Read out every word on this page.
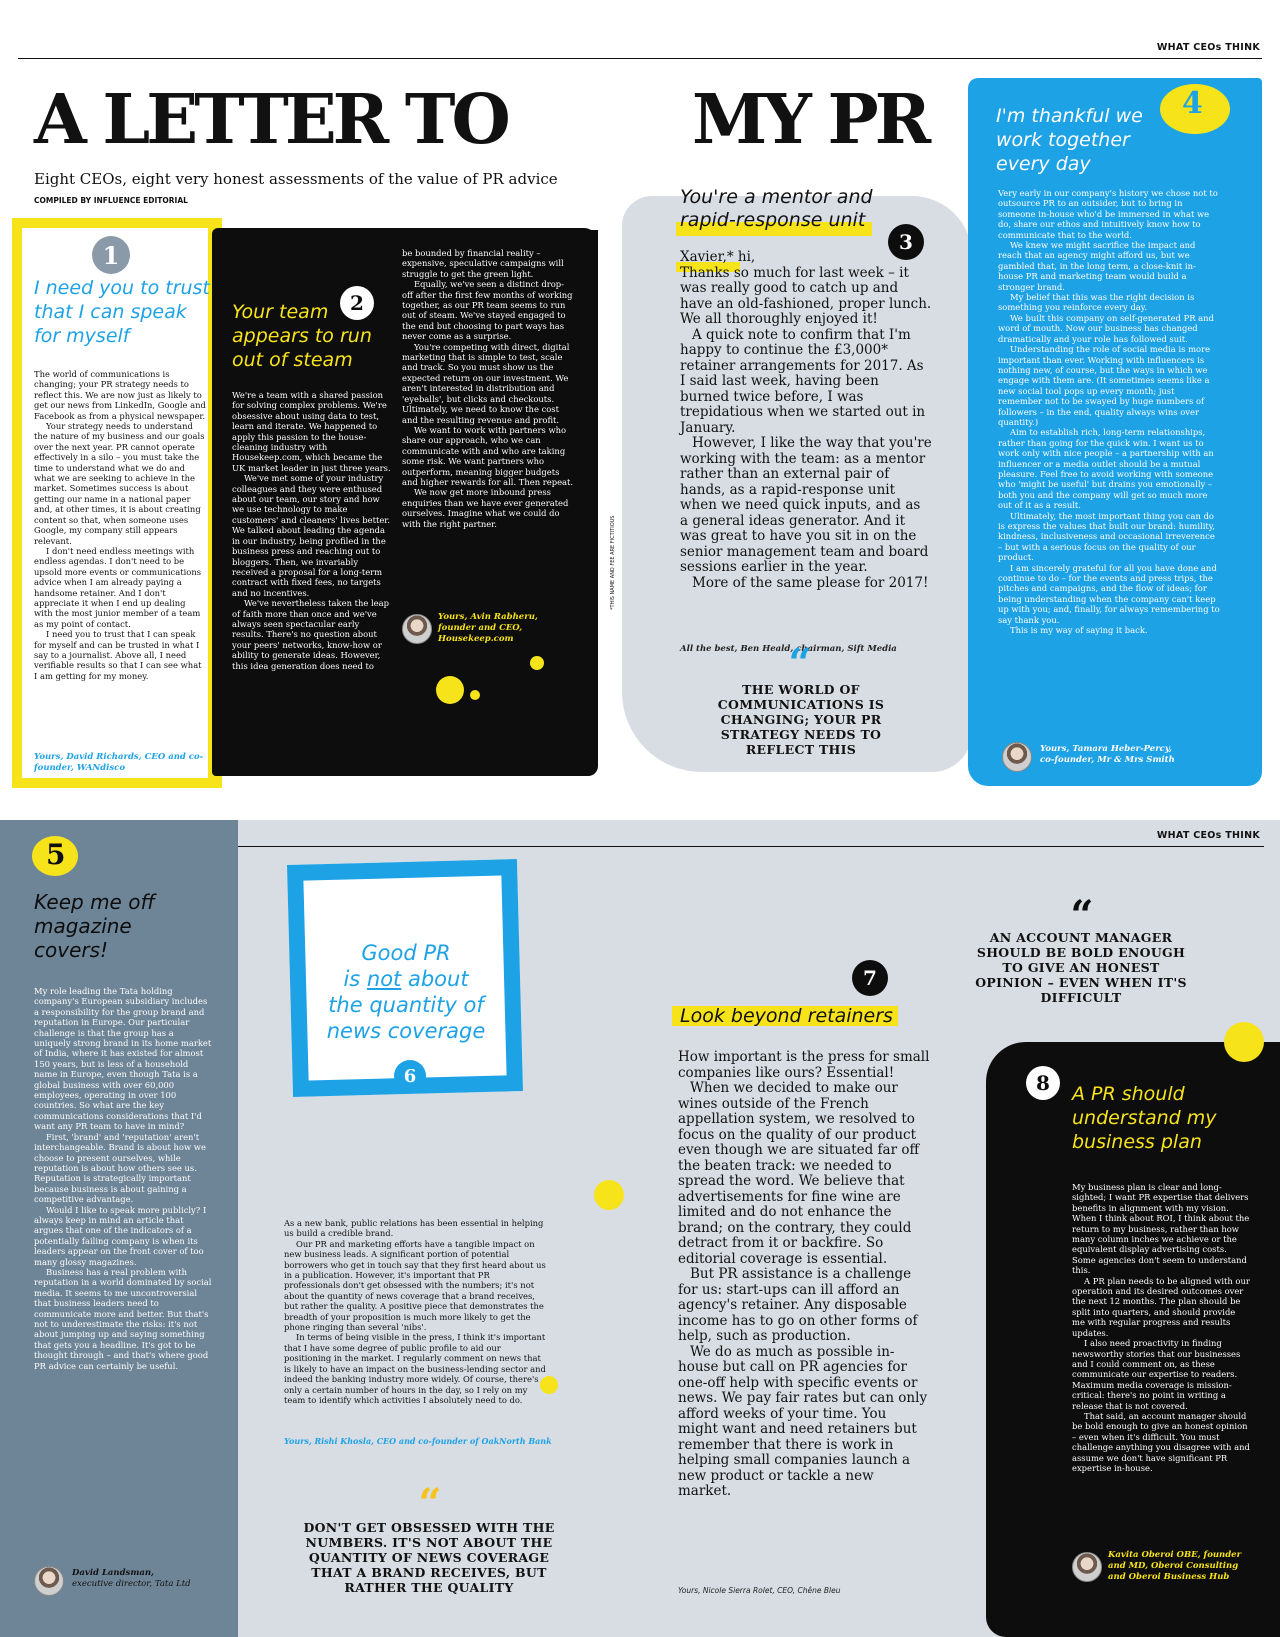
WHAT CEOs THINK
A LETTER TO	MY PR
Eight CEOs, eight very honest assessments of the value of PR advice
COMPILED BY INFLUENCE EDITORIAL
1
I need you to trust that I can speak for myself

The world of communications is changing; your PR strategy needs to reflect this. We are now just as likely to get our news from LinkedIn, Google and Facebook as from a physical newspaper.

Your strategy needs to understand the nature of my business and our goals over the next year. PR cannot operate effectively in a silo – you must take the time to understand what we do and what we are seeking to achieve in the market. Sometimes success is about getting our name in a national paper and, at other times, it is about creating content so that, when someone uses Google, my company still appears relevant.

I don't need endless meetings with endless agendas. I don't need to be upsold more events or communications advice when I am already paying a handsome retainer. And I don't appreciate it when I end up dealing with the most junior member of a team as my point of contact.

I need you to trust that I can speak for myself and can be trusted in what I say to a journalist. Above all, I need verifiable results so that I can see what I am getting for my money.

Yours, David Richards, CEO and co-founder, WANdisco
Your team appears to run out of steam
2

We're a team with a shared passion for solving complex problems. We're obsessive about using data to test, learn and iterate. We happened to apply this passion to the house-cleaning industry with Housekeep.com, which became the UK market leader in just three years.

We've met some of your industry colleagues and they were enthused about our team, our story and how we use technology to make customers' and cleaners' lives better. We talked about leading the agenda in our industry, being profiled in the business press and reaching out to bloggers. Then, we invariably received a proposal for a long-term contract with fixed fees, no targets and no incentives.

We've nevertheless taken the leap of faith more than once and we've always seen spectacular early results. There's no question about your peers' networks, know-how or ability to generate ideas. However, this idea generation does need to

be bounded by financial reality – expensive, speculative campaigns will struggle to get the green light.

Equally, we've seen a distinct drop-off after the first few months of working together, as our PR team seems to run out of steam. We've stayed engaged to the end but choosing to part ways has never come as a surprise.

You're competing with direct, digital marketing that is simple to test, scale and track. So you must show us the expected return on our investment. We aren't interested in distribution and 'eyeballs', but clicks and checkouts. Ultimately, we need to know the cost and the resulting revenue and profit.

We want to work with partners who share our approach, who we can communicate with and who are taking some risk. We want partners who outperform, meaning bigger budgets and higher rewards for all. Then repeat.

We now get more inbound press enquiries than we have ever generated ourselves. Imagine what we could do with the right partner.

Yours, Avin Rabheru,
founder and CEO,
Housekeep.com
You're a mentor and rapid-response unit
3

Xavier,* hi,

Thanks so much for last week – it was really good to catch up and have an old-fashioned, proper lunch. We all thoroughly enjoyed it!

A quick note to confirm that I'm happy to continue the £3,000* retainer arrangements for 2017. As I said last week, having been burned twice before, I was trepidatious when we started out in January.

However, I like the way that you're working with the team: as a mentor rather than an external pair of hands, as a rapid-response unit when we need quick inputs, and as a general ideas generator. And it was great to have you sit in on the senior management team and board sessions earlier in the year.

More of the same please for 2017!

*THIS NAME AND FEE ARE FICTITIOUS
All the best, Ben Heald, chairman, Sift Media
“
THE WORLD OF COMMUNICATIONS IS CHANGING; YOUR PR STRATEGY NEEDS TO REFLECT THIS
4
I'm thankful we work together every day

Very early in our company's history we chose not to outsource PR to an outsider, but to bring in someone in-house who'd be immersed in what we do, share our ethos and intuitively know how to communicate that to the world.

We knew we might sacrifice the impact and reach that an agency might afford us, but we gambled that, in the long term, a close-knit in-house PR and marketing team would build a stronger brand.

My belief that this was the right decision is something you reinforce every day.

We built this company on self-generated PR and word of mouth. Now our business has changed dramatically and your role has followed suit.

Understanding the role of social media is more important than ever. Working with influencers is nothing new, of course, but the ways in which we engage with them are. (It sometimes seems like a new social tool pops up every month; just remember not to be swayed by huge numbers of followers – in the end, quality always wins over quantity.)

Aim to establish rich, long-term relationships, rather than going for the quick win. I want us to work only with nice people – a partnership with an influencer or a media outlet should be a mutual pleasure. Feel free to avoid working with someone who 'might be useful' but drains you emotionally – both you and the company will get so much more out of it as a result.

Ultimately, the most important thing you can do is express the values that built our brand: humility, kindness, inclusiveness and occasional irreverence – but with a serious focus on the quality of our product.

I am sincerely grateful for all you have done and continue to do – for the events and press trips, the pitches and campaigns, and the flow of ideas; for being understanding when the company can't keep up with you; and, finally, for always remembering to say thank you.

This is my way of saying it back.

Yours, Tamara Heber-Percy,
co-founder, Mr & Mrs Smith
WHAT CEOs THINK
5
Keep me off magazine covers!

My role leading the Tata holding company's European subsidiary includes a responsibility for the group brand and reputation in Europe. Our particular challenge is that the group has a uniquely strong brand in its home market of India, where it has existed for almost 150 years, but is less of a household name in Europe, even though Tata is a global business with over 60,000 employees, operating in over 100 countries. So what are the key communications considerations that I'd want any PR team to have in mind?

First, 'brand' and 'reputation' aren't interchangeable. Brand is about how we choose to present ourselves, while reputation is about how others see us. Reputation is strategically important because business is about gaining a competitive advantage.

Would I like to speak more publicly? I always keep in mind an article that argues that one of the indicators of a potentially failing company is when its leaders appear on the front cover of too many glossy magazines.

Business has a real problem with reputation in a world dominated by social media. It seems to me uncontroversial that business leaders need to communicate more and better. But that's not to underestimate the risks: it's not about jumping up and saying something that gets you a headline. It's got to be thought through – and that's where good PR advice can certainly be useful.

David Landsman,
executive director, Tata Ltd
Good PR
is not about
the quantity of
news coverage
6

As a new bank, public relations has been essential in helping us build a credible brand.

Our PR and marketing efforts have a tangible impact on new business leads. A significant portion of potential borrowers who get in touch say that they first heard about us in a publication. However, it's important that PR professionals don't get obsessed with the numbers; it's not about the quantity of news coverage that a brand receives, but rather the quality. A positive piece that demonstrates the breadth of your proposition is much more likely to get the phone ringing than several 'nibs'.

In terms of being visible in the press, I think it's important that I have some degree of public profile to aid our positioning in the market. I regularly comment on news that is likely to have an impact on the business-lending sector and indeed the banking industry more widely. Of course, there's only a certain number of hours in the day, so I rely on my team to identify which activities I absolutely need to do.

Yours, Rishi Khosla, CEO and co-founder of OakNorth Bank
“
DON'T GET OBSESSED WITH THE NUMBERS. IT'S NOT ABOUT THE QUANTITY OF NEWS COVERAGE THAT A BRAND RECEIVES, BUT RATHER THE QUALITY
7
Look beyond retainers

How important is the press for small companies like ours? Essential!

When we decided to make our wines outside of the French appellation system, we resolved to focus on the quality of our product even though we are situated far off the beaten track: we needed to spread the word. We believe that advertisements for fine wine are limited and do not enhance the brand; on the contrary, they could detract from it or backfire. So editorial coverage is essential.

But PR assistance is a challenge for us: start-ups can ill afford an agency's retainer. Any disposable income has to go on other forms of help, such as production.

We do as much as possible in-house but call on PR agencies for one-off help with specific events or news. We pay fair rates but can only afford weeks of your time. You might want and need retainers but remember that there is work in helping small companies launch a new product or tackle a new market.

Yours, Nicole Sierra Rolet, CEO, Chêne Bleu
“
AN ACCOUNT MANAGER SHOULD BE BOLD ENOUGH TO GIVE AN HONEST OPINION – EVEN WHEN IT'S DIFFICULT
8	A PR should understand my business plan

My business plan is clear and long-sighted; I want PR expertise that delivers benefits in alignment with my vision. When I think about ROI, I think about the return to my business, rather than how many column inches we achieve or the equivalent display advertising costs. Some agencies don't seem to understand this.

A PR plan needs to be aligned with our operation and its desired outcomes over the next 12 months. The plan should be split into quarters, and should provide me with regular progress and results updates.

I also need proactivity in finding newsworthy stories that our businesses and I could comment on, as these communicate our expertise to readers. Maximum media coverage is mission-critical: there's no point in writing a release that is not covered.

That said, an account manager should be bold enough to give an honest opinion – even when it's difficult. You must challenge anything you disagree with and assume we don't have significant PR expertise in-house.

Kavita Oberoi OBE, founder
and MD, Oberoi Consulting
and Oberoi Business Hub
